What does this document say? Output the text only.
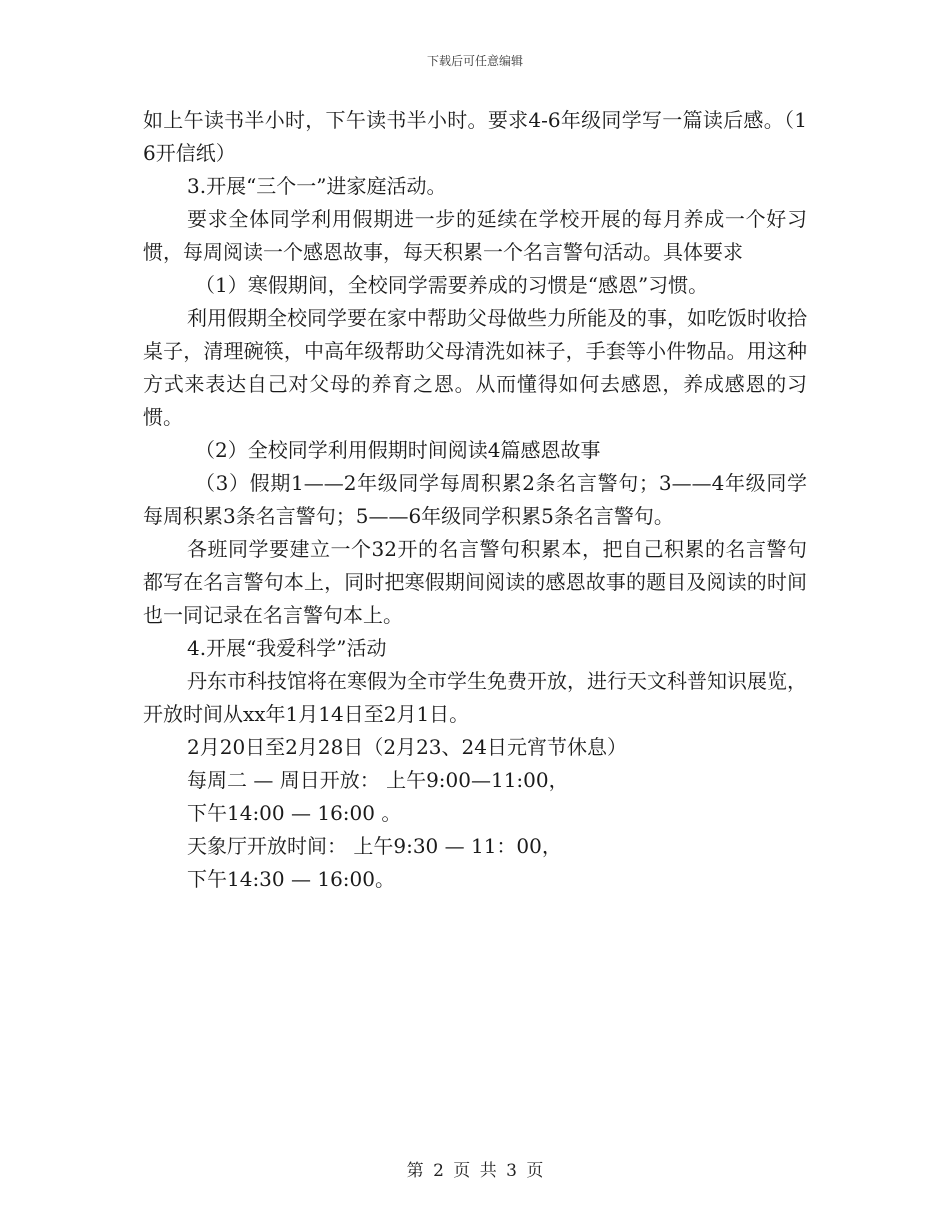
下载后可任意编辑

如上午读书半小时，下午读书半小时。要求4-6年级同学写一篇读后感。（16开信纸）

3.开展“三个一”进家庭活动。

要求全体同学利用假期进一步的延续在学校开展的每月养成一个好习惯，每周阅读一个感恩故事，每天积累一个名言警句活动。具体要求

（1）寒假期间，全校同学需要养成的习惯是“感恩”习惯。

利用假期全校同学要在家中帮助父母做些力所能及的事，如吃饭时收拾桌子，清理碗筷，中高年级帮助父母清洗如袜子，手套等小件物品。用这种方式来表达自己对父母的养育之恩。从而懂得如何去感恩，养成感恩的习惯。

（2）全校同学利用假期时间阅读4篇感恩故事

（3）假期1——2年级同学每周积累2条名言警句；3——4年级同学每周积累3条名言警句；5——6年级同学积累5条名言警句。

各班同学要建立一个32开的名言警句积累本，把自己积累的名言警句都写在名言警句本上，同时把寒假期间阅读的感恩故事的题目及阅读的时间也一同记录在名言警句本上。

4.开展“我爱科学”活动

丹东市科技馆将在寒假为全市学生免费开放，进行天文科普知识展览，开放时间从xx年1月14日至2月1日。

2月20日至2月28日（2月23、24日元宵节休息）

每周二 — 周日开放： 上午9:00—11:00，

下午14:00 — 16:00 。

天象厅开放时间： 上午9:30 — 11：00，

下午14:30 — 16:00。

第 2 页 共 3 页
